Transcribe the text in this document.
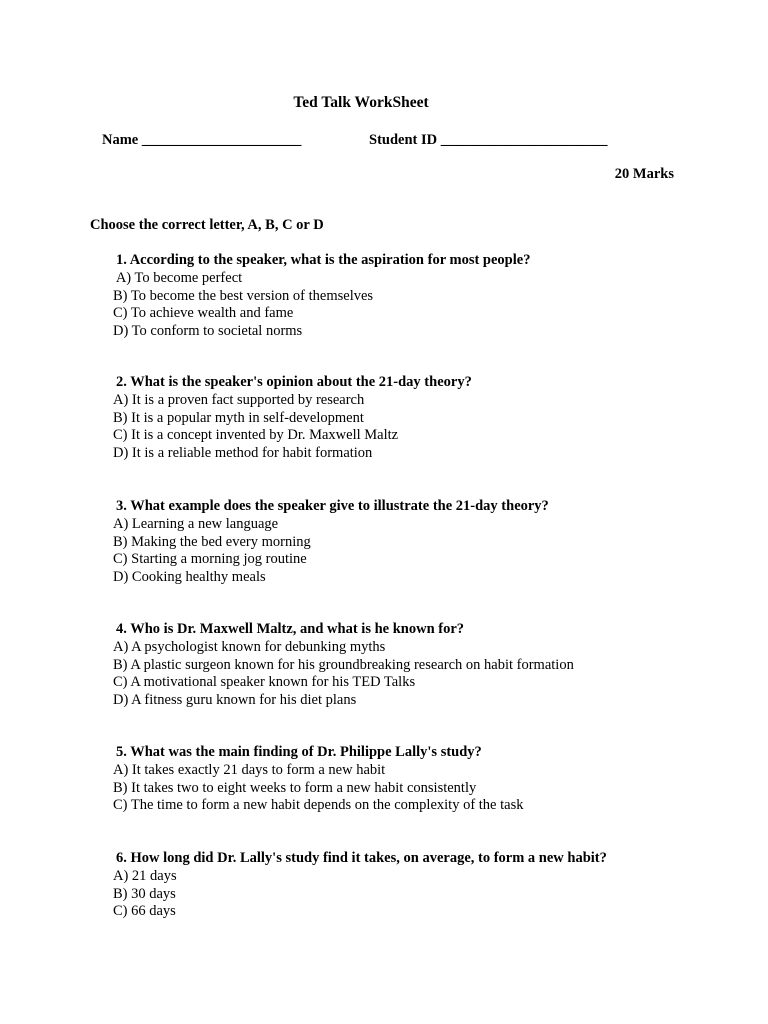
Ted Talk WorkSheet
Name ______________________	Student ID _______________________
20 Marks
Choose the correct letter, A, B, C or D
1. According to the speaker, what is the aspiration for most people?
A) To become perfect
B) To become the best version of themselves
C) To achieve wealth and fame
D) To conform to societal norms
2. What is the speaker's opinion about the 21-day theory?
A) It is a proven fact supported by research
B) It is a popular myth in self-development
C) It is a concept invented by Dr. Maxwell Maltz
D) It is a reliable method for habit formation
3. What example does the speaker give to illustrate the 21-day theory?
A) Learning a new language
B) Making the bed every morning
C) Starting a morning jog routine
D) Cooking healthy meals
4. Who is Dr. Maxwell Maltz, and what is he known for?
A) A psychologist known for debunking myths
B) A plastic surgeon known for his groundbreaking research on habit formation
C) A motivational speaker known for his TED Talks
D) A fitness guru known for his diet plans
5. What was the main finding of Dr. Philippe Lally's study?
A) It takes exactly 21 days to form a new habit
B) It takes two to eight weeks to form a new habit consistently
C) The time to form a new habit depends on the complexity of the task
6. How long did Dr. Lally's study find it takes, on average, to form a new habit?
A) 21 days
B) 30 days
C) 66 days
